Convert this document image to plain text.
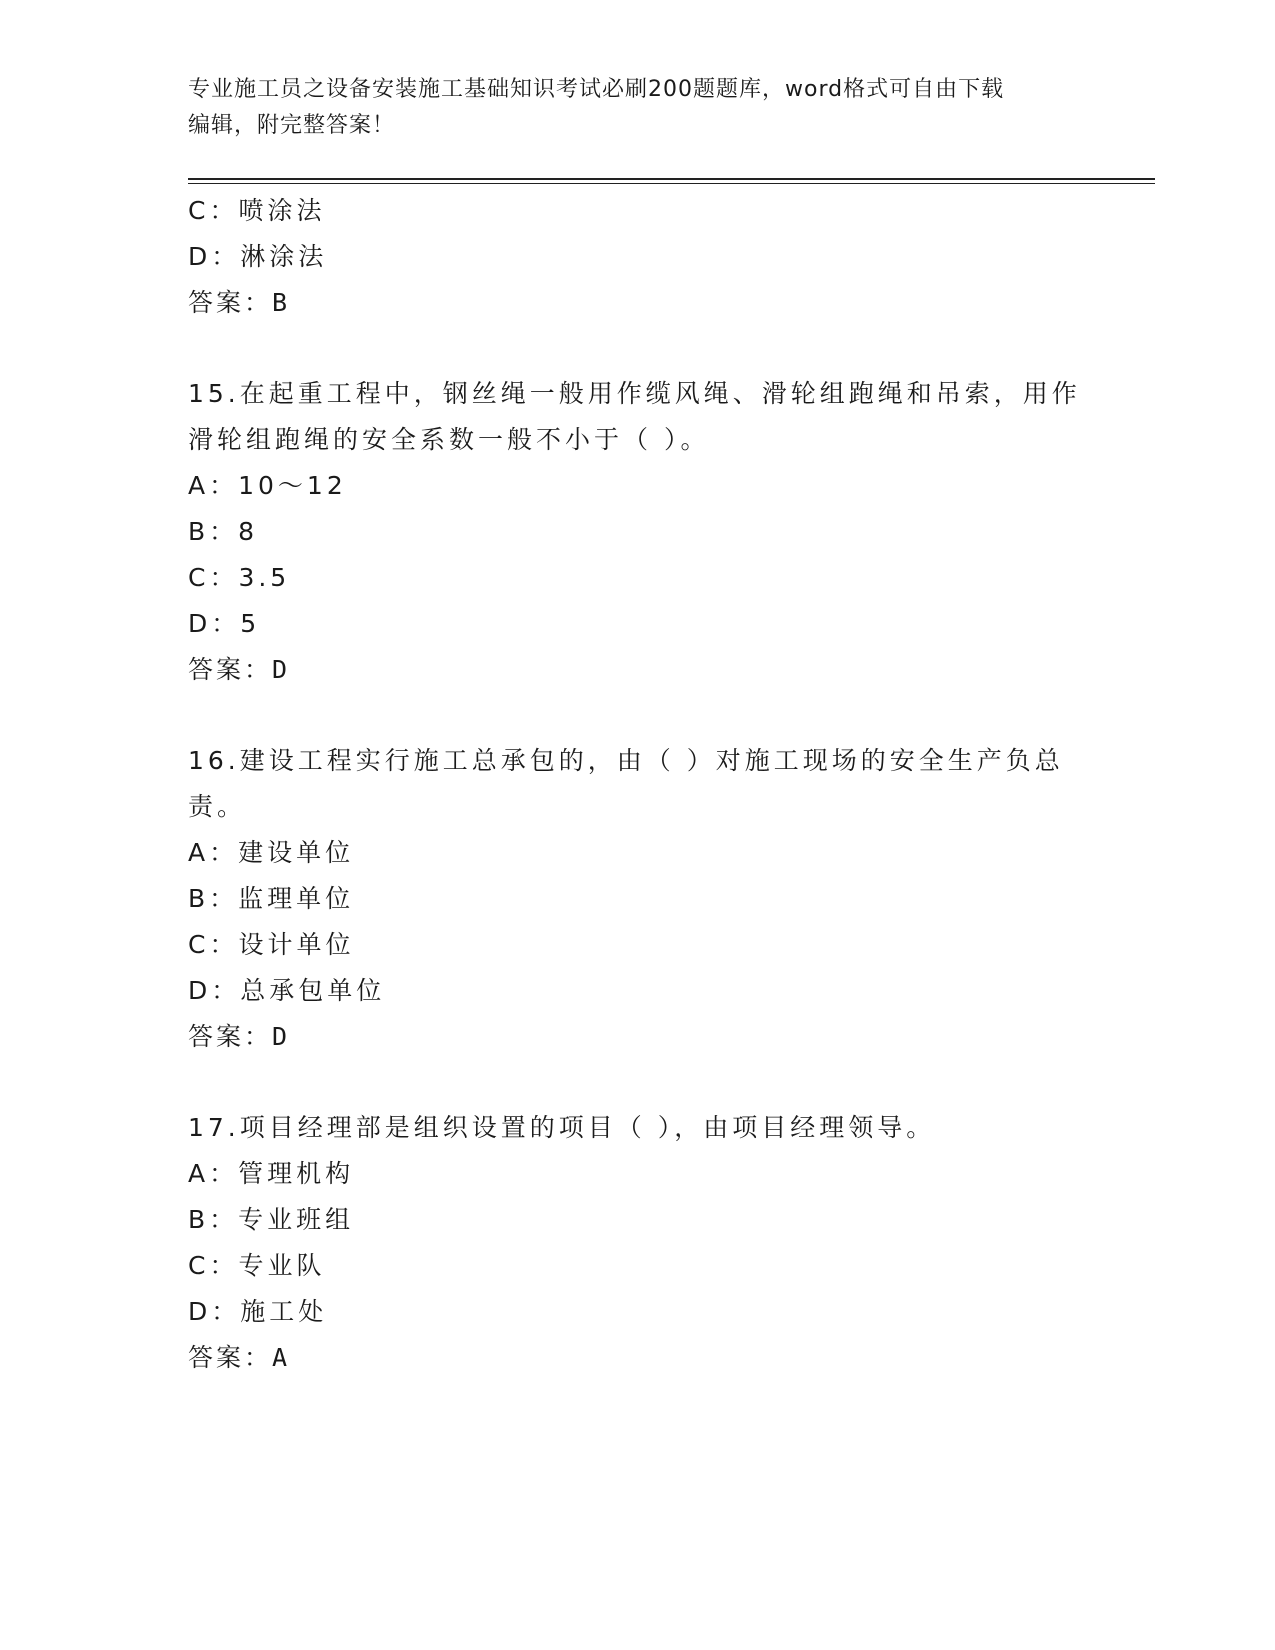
专业施工员之设备安装施工基础知识考试必刷200题题库，word格式可自由下载
编辑，附完整答案！
C：喷涂法
D：淋涂法
答案：B
15.在起重工程中，钢丝绳一般用作缆风绳、滑轮组跑绳和吊索，用作
滑轮组跑绳的安全系数一般不小于（ ）。
A：10～12
B：8
C：3.5
D：5
答案：D
16.建设工程实行施工总承包的，由（ ）对施工现场的安全生产负总
责。
A：建设单位
B：监理单位
C：设计单位
D：总承包单位
答案：D
17.项目经理部是组织设置的项目（ ），由项目经理领导。
A：管理机构
B：专业班组
C：专业队
D：施工处
答案：A
